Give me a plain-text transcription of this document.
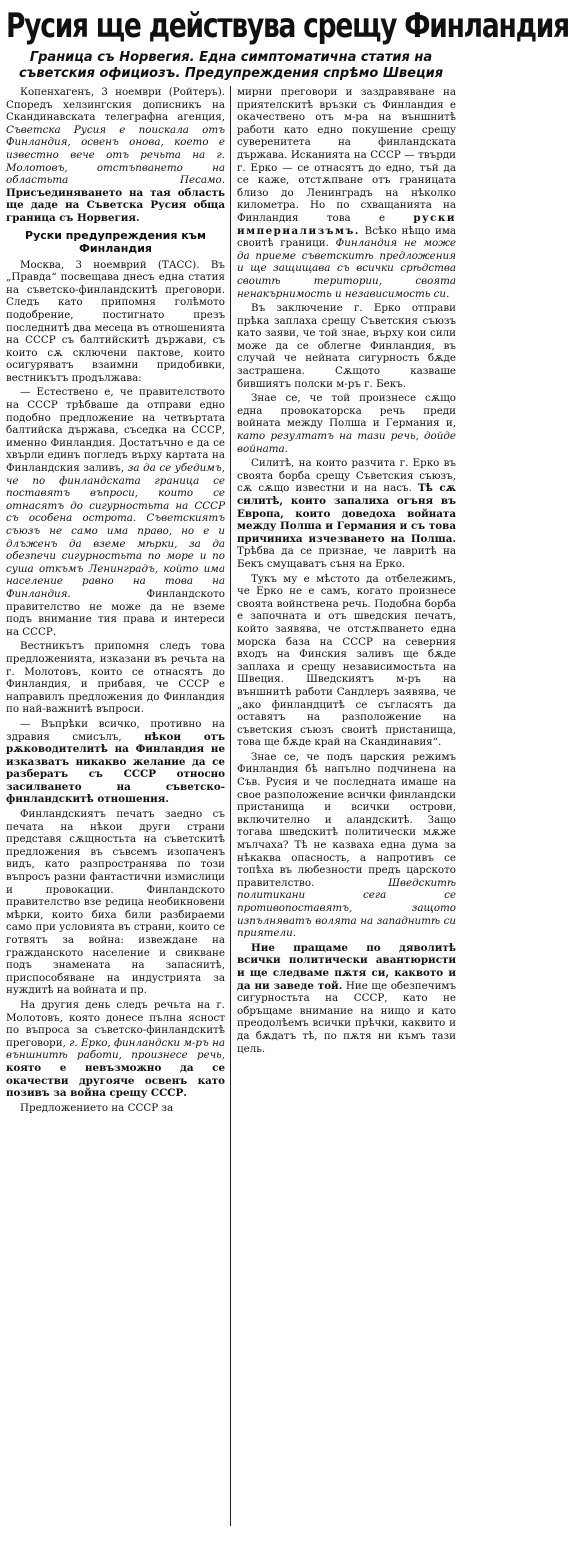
Русия ще действува срещу Финландия
Граница съ Норвегия. Една симптоматична статия на съветския официозъ. Предупреждения спрѣмо Швеция

Копенхагенъ, 3 ноември (Ройтеръ). Споредъ хелзингския дописникъ на Скандинавската телеграфна агенция, Съветска Русия е поискала отъ Финландия, освенъ онова, което е известно вече отъ речьта на г. Молотовъ, отстъпването на областьта Песамо. Присъединяването на тая область ще даде на Съветска Русия обща граница съ Норвегия.

Руски предупреждения към Финландия

Москва, 3 ноемврий (ТАСС). Въ „Правда“ посвещава днесъ една статия на съветско-финландскитѣ преговори. Следъ като припомня голѣмото подобрение, постигнато презъ последнитѣ два месеца въ отношенията на СССР съ балтийскитѣ държави, съ които сѫ сключени пактове, които осигуряватъ взаимни придобивки, вестникътъ продължава:

— Естествено е, че правителството на СССР трѣбваше да отправи едно подобно предложение на четвъртата балтийска държава, съседка на СССР, именно Финландия. Достатъчно е да се хвърли единъ погледъ върху картата на Финландския заливъ, за да се убедимъ, че по финландската граница се поставятъ въпроси, които се отнасятъ до сигурностьта на СССР съ особена острота. Съветскиятъ съюзъ не само има право, но е и длъженъ да вземе мѣрки, за да обезпечи сигурностьта по море и по суша откъмъ Ленинградъ, който има население равно на това на Финландия.	Финландското правителство не може да не вземе подъ внимание тия права и интереси на СССР.

Вестникътъ припомня следъ това предложенията, изказани въ речьта на г. Молотовъ, които се отнасятъ до Финландия, и прибавя, че СССР е направилъ предложения до Финландия по най-важнитѣ въпроси.

— Въпрѣки всичко, противно на здравия смисълъ, нѣкои отъ рѫководителитѣ на Финландия не изказватъ никакво желание да се разбератъ съ СССР относно засилването на съветско-финландскитѣ отношения.

Финландскиятъ печатъ заедно съ печата на нѣкои други страни представя сѫщностьта на съветскитѣ предложения въ съвсемъ изопаченъ видъ, като разпространява по този въпросъ разни фантастични измислици и провокации. Финландското правителство взе редица необикновени мѣрки, които биха били разбираеми само при условията въ страни, които се готвятъ за война: извеждане на гражданското население и свикване подъ знамената на запаснитѣ, приспособяване на индустрията за нуждитѣ на войната и пр.

На другия день следъ речьта на г. Молотовъ, която донесе пълна ясност по въпроса за съветско-финландскитѣ преговори, г. Ерко, финландски м-ръ на външнитѣ работи, произнесе речь, която е невъзможно да се окачестви другояче освенъ като позивъ за война срещу СССР.

Предложението на СССР за

мирни преговори и заздравяване на приятелскитѣ връзки съ Финландия е окачествено отъ м-ра на външнитѣ работи като едно покушение срещу суверенитета на финландската държава. Исканията на СССР — твърди г. Ерко — се отнасятъ до едно, тъй да се каже, отстѫпване отъ границата близо до Ленинградъ на нѣколко километра. Но по схващанията на Финландия това е	руски империализъмъ. Всѣко нѣщо има своитѣ граници. Финландия не може да приеме съветскитѣ предложения и ще защищава съ всички срѣдства своитѣ територии, своята ненакърнимость и независимость си.

Въ заключение г. Ерко отправи прѣка заплаха срещу Съветския съюзъ като заяви, че той знае, върху кои сили може да се облегне Финландия, въ случай че нейната сигурность бѫде застрашена. Сѫщото казваше бившиятъ полски м-ръ г. Бекъ.

Знае се, че той произнесе сѫщо една провокаторска речь преди войната между Полша и Германия и, като резултатъ на тази речь, дойде войната.

Силитѣ, на които разчита г. Ерко въ своята борба срещу Съветския съюзъ, сѫ сѫщо известни и на насъ. Тѣ сѫ силитѣ, които запалиха огъня въ Европа, които доведоха войната между Полша и Германия и съ това причиниха изчезването на Полша. Трѣбва да се признае, че лавритѣ на Бекъ смущаватъ съня на Ерко.

Тукъ му е мѣстото да отбележимъ, че Ерко не е самъ, когато произнесе своята войнствена речь. Подобна борба е започната и отъ шведския печатъ, който заявява, че отстѫпването една морска база на СССР на северния входъ на Финския заливъ ще бѫде заплаха и срещу независимостьта на Швеция. Шведскиятъ м-ръ на външнитѣ работи Сандлеръ заявява, че „ако финландцитѣ се съгласятъ да оставятъ на разположение на съветския съюзъ своитѣ пристанища, това ще бѫде край на Скандинавия“.

Знае се, че подъ царския режимъ Финландия бѣ напълно подчинена на Съв. Русия и че последната имаше на свое разположение всички финландски пристанища и всички острови, включително и аландскитѣ. Защо тогава шведскитѣ политически мѫже мълчаха? Тѣ не казваха една дума за нѣкаква опасность, а напротивъ се топѣха въ любезности предъ царското правителство.	Шведскитѣ политикани сега се противопоставятъ, защото изпълняватъ волята на западнитѣ си приятели.

Ние пращаме по дяволитѣ всички политически авантюристи и ще следваме пѫтя си, каквото и да ни заведе той. Ние ще обезпечимъ сигурностьта на СССР, като не обръщаме внимание на нищо и като преодолѣемъ всички прѣчки, каквито и да бѫдатъ тѣ, по пѫтя ни къмъ тази цель.
